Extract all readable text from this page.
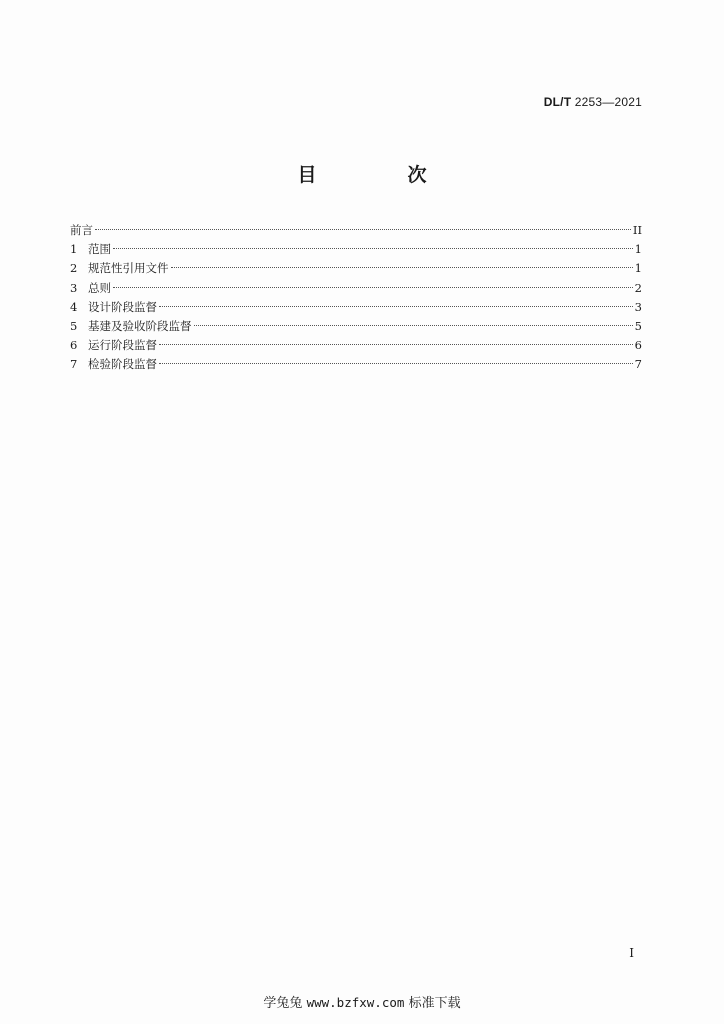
DL/T 2253—2021
目　次
前言	II
1 范围	1
2 规范性引用文件	1
3 总则	2
4 设计阶段监督	3
5 基建及验收阶段监督	5
6 运行阶段监督	6
7 检验阶段监督	7
I
学兔兔 www.bzfxw.com 标准下载
